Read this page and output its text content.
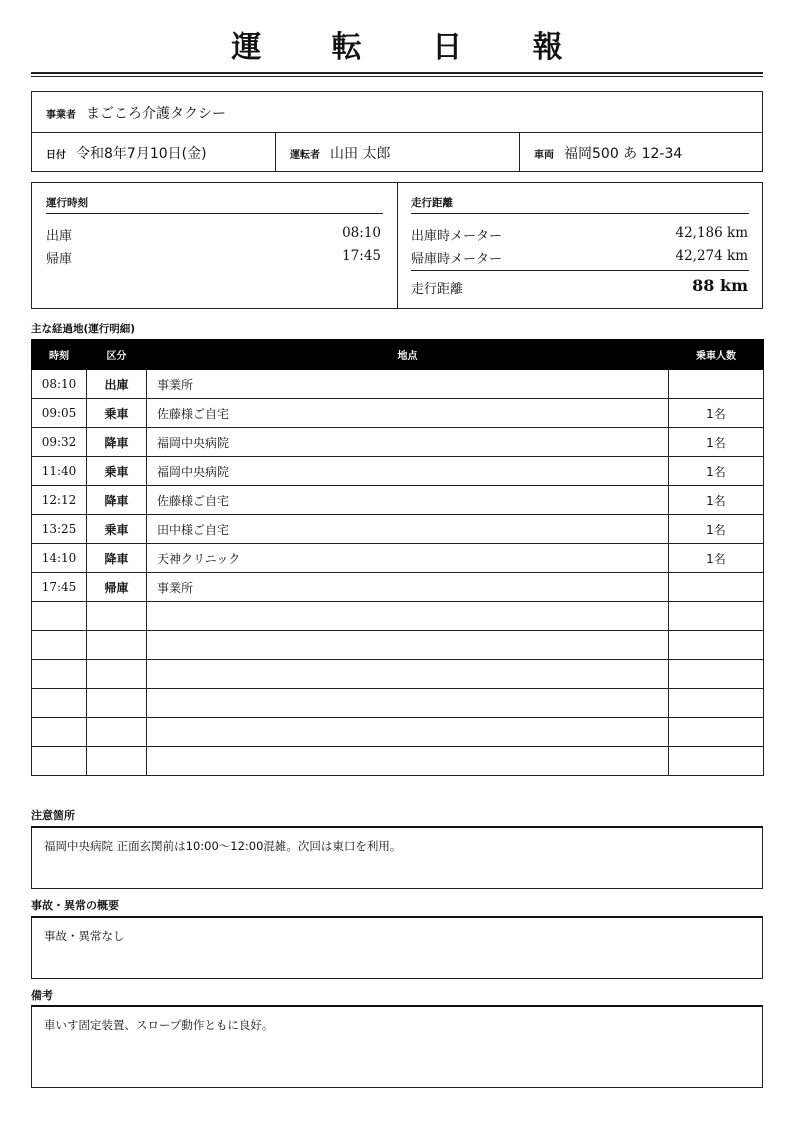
運 転 日 報
事業者 まごころ介護タクシー
日付 令和8年7月10日(金)	運転者 山田 太郎	車両 福岡500 あ 12-34
運行時刻
出庫	08:10
帰庫	17:45
走行距離
出庫時メーター	42,186 km
帰庫時メーター	42,274 km
走行距離	88 km
主な経過地(運行明細)
時刻	区分	地点	乗車人数
08:10	出庫	事業所	
09:05	乗車	佐藤様ご自宅	1名
09:32	降車	福岡中央病院	1名
11:40	乗車	福岡中央病院	1名
12:12	降車	佐藤様ご自宅	1名
13:25	乗車	田中様ご自宅	1名
14:10	降車	天神クリニック	1名
17:45	帰庫	事業所	

注意箇所
福岡中央病院 正面玄関前は10:00〜12:00混雑。次回は東口を利用。
事故・異常の概要
事故・異常なし
備考
車いす固定装置、スロープ動作ともに良好。
